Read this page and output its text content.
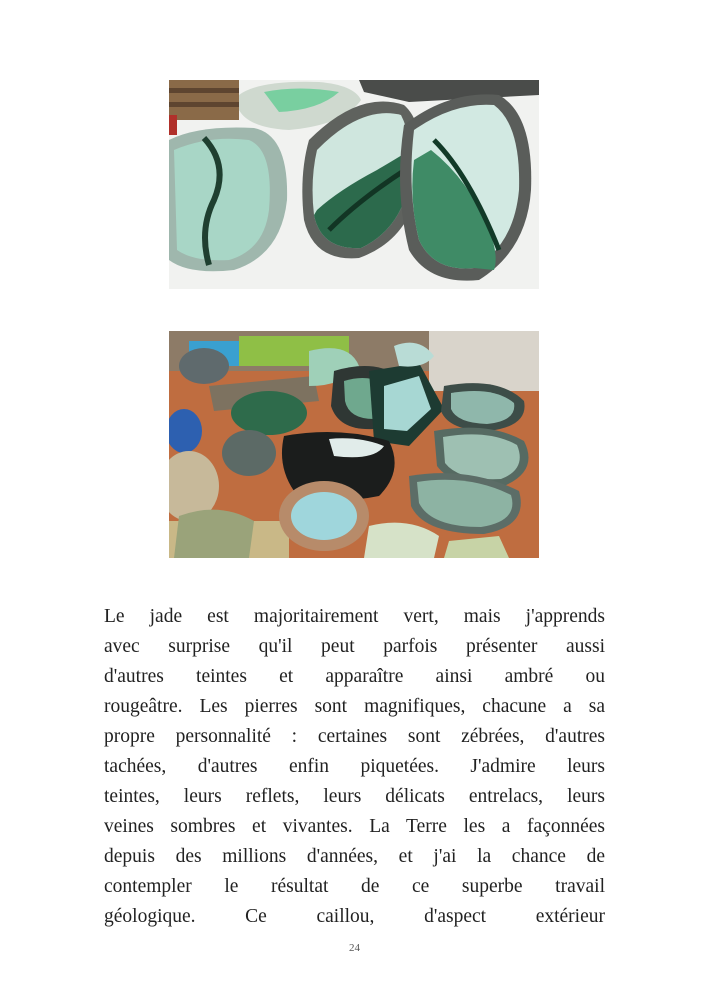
Le jade est majoritairement vert, mais j'apprends
avec surprise qu'il peut parfois présenter aussi
d'autres teintes et apparaître ainsi ambré ou
rougeâtre. Les pierres sont magnifiques, chacune a sa
propre personnalité : certaines sont zébrées, d'autres
tachées, d'autres enfin piquetées. J'admire leurs
teintes, leurs reflets, leurs délicats entrelacs, leurs
veines sombres et vivantes. La Terre les a façonnées
depuis des millions d'années, et j'ai la chance de
contempler le résultat de ce superbe travail
géologique. Ce caillou, d'aspect extérieur
24
